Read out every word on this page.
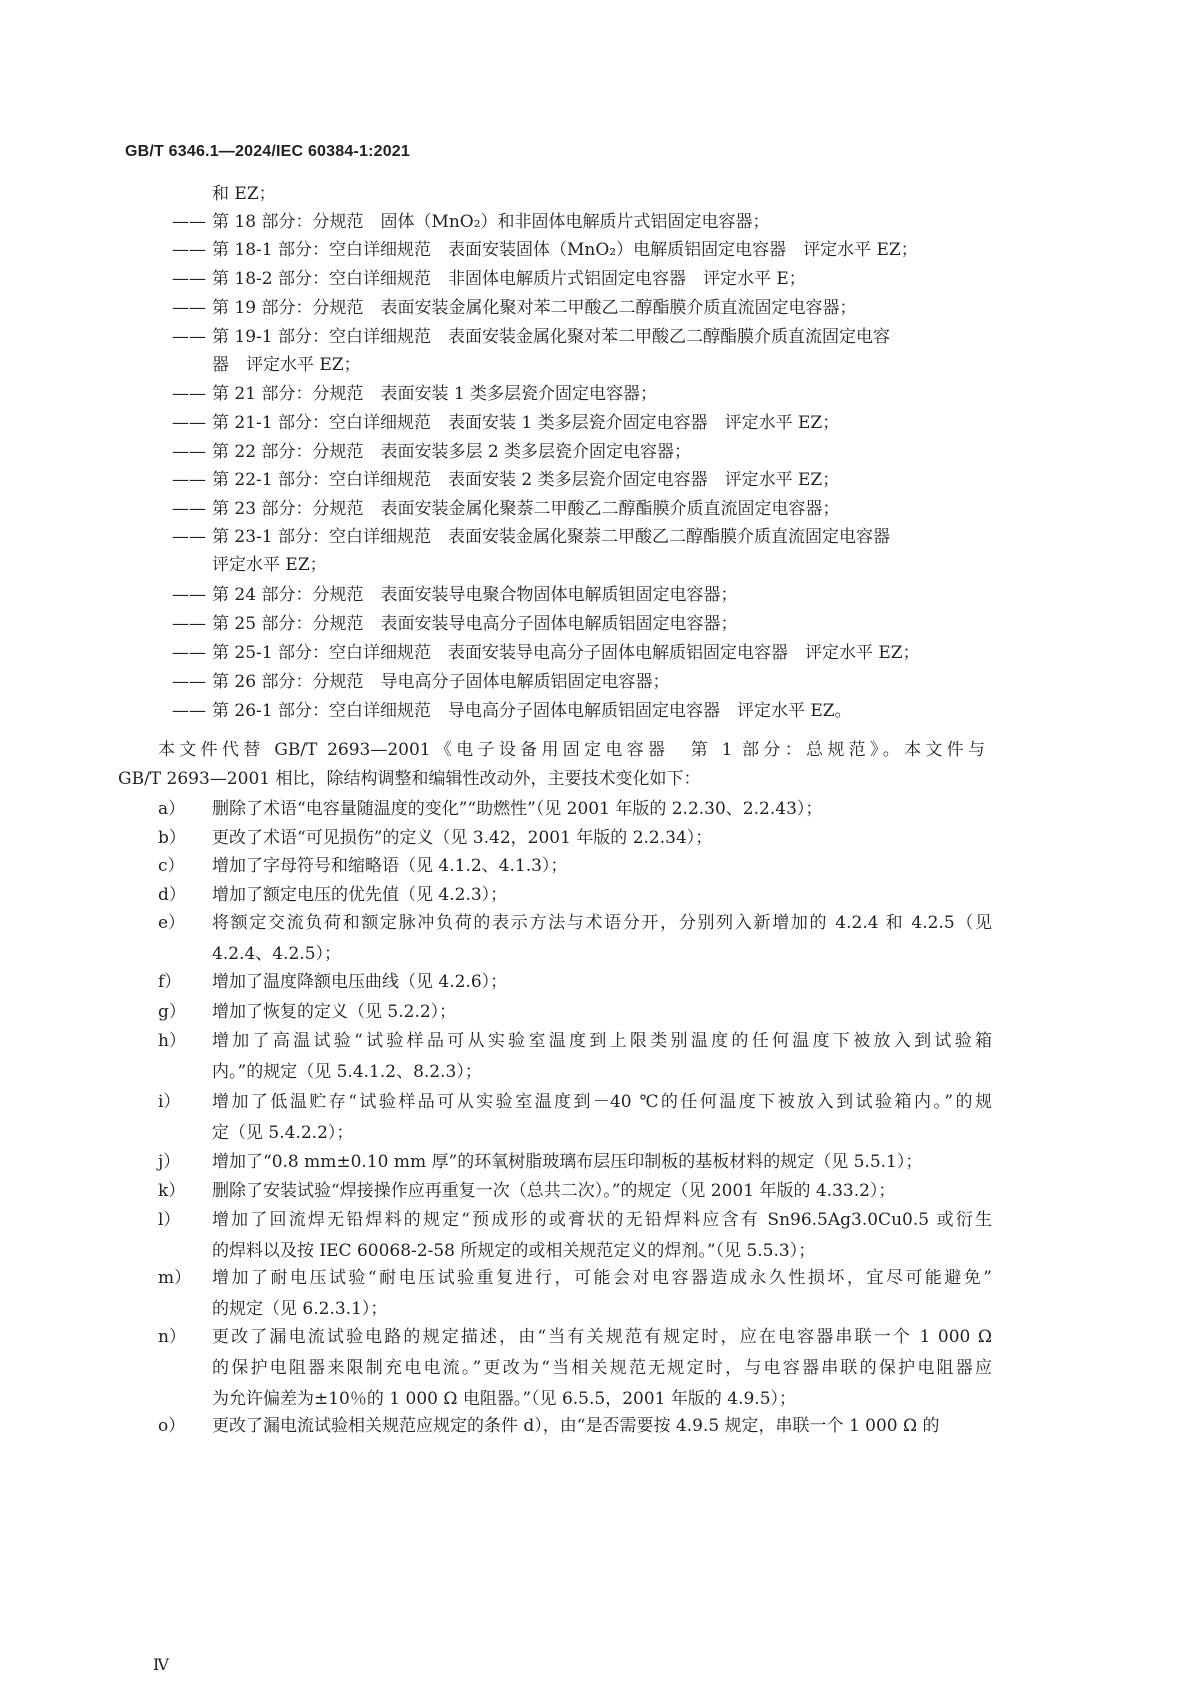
GB/T 6346.1—2024/IEC 60384-1:2021
和 EZ；
—— 第 18 部分：分规范　固体（MnO₂）和非固体电解质片式铝固定电容器；
—— 第 18-1 部分：空白详细规范　表面安装固体（MnO₂）电解质铝固定电容器　评定水平 EZ；
—— 第 18-2 部分：空白详细规范　非固体电解质片式铝固定电容器　评定水平 E；
—— 第 19 部分：分规范　表面安装金属化聚对苯二甲酸乙二醇酯膜介质直流固定电容器；
—— 第 19-1 部分：空白详细规范　表面安装金属化聚对苯二甲酸乙二醇酯膜介质直流固定电容
器　评定水平 EZ；
—— 第 21 部分：分规范　表面安装 1 类多层瓷介固定电容器；
—— 第 21-1 部分：空白详细规范　表面安装 1 类多层瓷介固定电容器　评定水平 EZ；
—— 第 22 部分：分规范　表面安装多层 2 类多层瓷介固定电容器；
—— 第 22-1 部分：空白详细规范　表面安装 2 类多层瓷介固定电容器　评定水平 EZ；
—— 第 23 部分：分规范　表面安装金属化聚萘二甲酸乙二醇酯膜介质直流固定电容器；
—— 第 23-1 部分：空白详细规范　表面安装金属化聚萘二甲酸乙二醇酯膜介质直流固定电容器
评定水平 EZ；
—— 第 24 部分：分规范　表面安装导电聚合物固体电解质钽固定电容器；
—— 第 25 部分：分规范　表面安装导电高分子固体电解质铝固定电容器；
—— 第 25-1 部分：空白详细规范　表面安装导电高分子固体电解质铝固定电容器　评定水平 EZ；
—— 第 26 部分：分规范　导电高分子固体电解质铝固定电容器；
—— 第 26-1 部分：空白详细规范　导电高分子固体电解质铝固定电容器　评定水平 EZ。
本文件代替 GB/T 2693—2001《电子设备用固定电容器　第 1 部分：总规范》。本文件与
GB/T 2693—2001 相比，除结构调整和编辑性改动外，主要技术变化如下：
a） 删除了术语“电容量随温度的变化”“助燃性”（见 2001 年版的 2.2.30、2.2.43）；
b） 更改了术语“可见损伤”的定义（见 3.42，2001 年版的 2.2.34）；
c） 增加了字母符号和缩略语（见 4.1.2、4.1.3）；
d） 增加了额定电压的优先值（见 4.2.3）；
e） 将额定交流负荷和额定脉冲负荷的表示方法与术语分开，分别列入新增加的 4.2.4 和 4.2.5（见
4.2.4、4.2.5）；
f） 增加了温度降额电压曲线（见 4.2.6）；
g） 增加了恢复的定义（见 5.2.2）；
h） 增加了高温试验“试验样品可从实验室温度到上限类别温度的任何温度下被放入到试验箱
内。”的规定（见 5.4.1.2、8.2.3）；
i） 增加了低温贮存“试验样品可从实验室温度到－40 ℃的任何温度下被放入到试验箱内。”的规
定（见 5.4.2.2）；
j） 增加了“0.8 mm±0.10 mm 厚”的环氧树脂玻璃布层压印制板的基板材料的规定（见 5.5.1）；
k） 删除了安装试验“焊接操作应再重复一次（总共二次）。”的规定（见 2001 年版的 4.33.2）；
l） 增加了回流焊无铅焊料的规定“预成形的或膏状的无铅焊料应含有 Sn96.5Ag3.0Cu0.5 或衍生
的焊料以及按 IEC 60068-2-58 所规定的或相关规范定义的焊剂。”（见 5.5.3）；
m） 增加了耐电压试验“耐电压试验重复进行，可能会对电容器造成永久性损坏，宜尽可能避免”
的规定（见 6.2.3.1）；
n） 更改了漏电流试验电路的规定描述，由“当有关规范有规定时，应在电容器串联一个 1 000 Ω
的保护电阻器来限制充电电流。”更改为“当相关规范无规定时，与电容器串联的保护电阻器应
为允许偏差为±10％的 1 000 Ω 电阻器。”（见 6.5.5，2001 年版的 4.9.5）；
o） 更改了漏电流试验相关规范应规定的条件 d），由“是否需要按 4.9.5 规定，串联一个 1 000 Ω 的
Ⅳ
